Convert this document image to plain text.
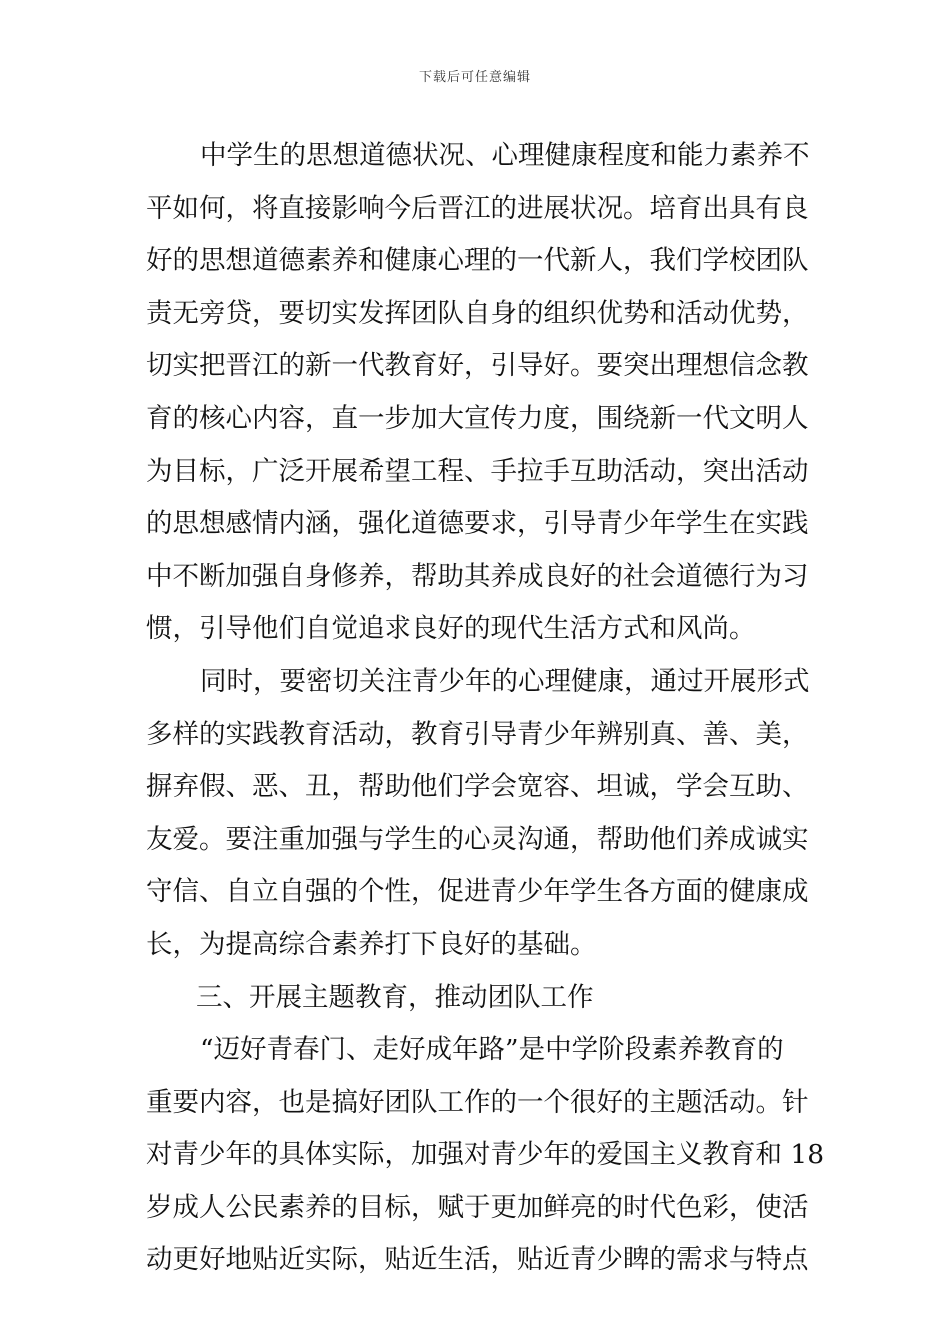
下载后可任意编辑
中学生的思想道德状况、心理健康程度和能力素养不
平如何，将直接影响今后晋江的进展状况。培育出具有良
好的思想道德素养和健康心理的一代新人，我们学校团队
责无旁贷，要切实发挥团队自身的组织优势和活动优势，
切实把晋江的新一代教育好，引导好。要突出理想信念教
育的核心内容，直一步加大宣传力度，围绕新一代文明人
为目标，广泛开展希望工程、手拉手互助活动，突出活动
的思想感情内涵，强化道德要求，引导青少年学生在实践
中不断加强自身修养，帮助其养成良好的社会道德行为习
惯，引导他们自觉追求良好的现代生活方式和风尚。
同时，要密切关注青少年的心理健康，通过开展形式
多样的实践教育活动，教育引导青少年辨别真、善、美，
摒弃假、恶、丑，帮助他们学会宽容、坦诚，学会互助、
友爱。要注重加强与学生的心灵沟通，帮助他们养成诚实
守信、自立自强的个性，促进青少年学生各方面的健康成
长，为提高综合素养打下良好的基础。
三、开展主题教育，推动团队工作
“迈好青春门、走好成年路”是中学阶段素养教育的
重要内容，也是搞好团队工作的一个很好的主题活动。针
对青少年的具体实际，加强对青少年的爱国主义教育和 18
岁成人公民素养的目标，赋于更加鲜亮的时代色彩，使活
动更好地贴近实际，贴近生活，贴近青少睥的需求与特点
